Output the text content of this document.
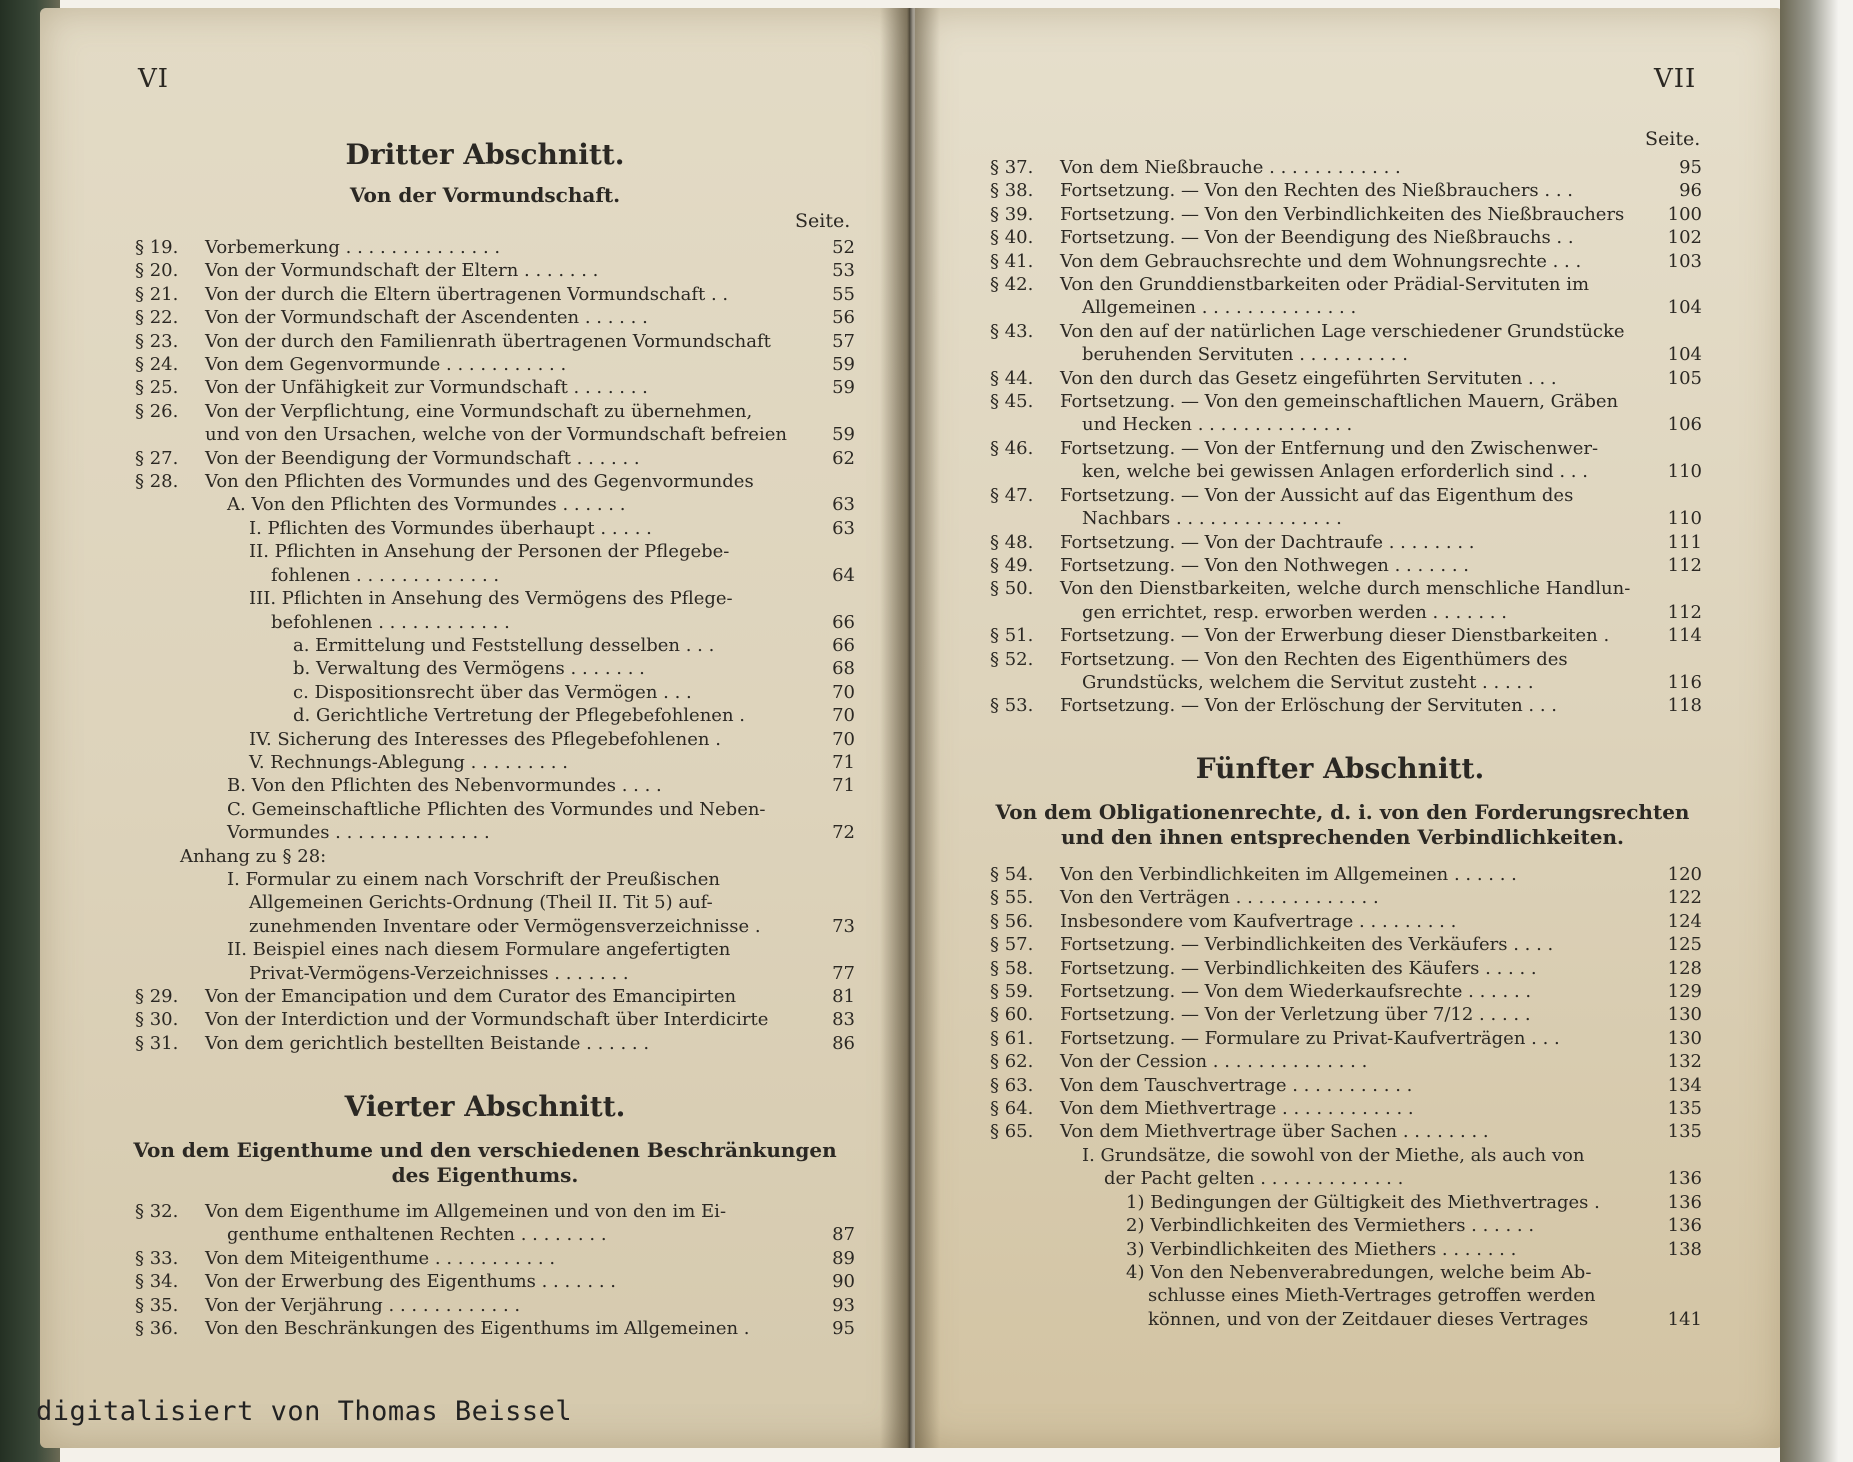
VI
Dritter Abschnitt.
Von der Vormundschaft.
Seite.
§ 19.	Vorbemerkung . . . . . . . . . . . . . .	52
§ 20.	Von der Vormundschaft der Eltern . . . . . . .	53
§ 21.	Von der durch die Eltern übertragenen Vormundschaft . .	55
§ 22.	Von der Vormundschaft der Ascendenten . . . . . .	56
§ 23.	Von der durch den Familienrath übertragenen Vormundschaft	57
§ 24.	Von dem Gegenvormunde . . . . . . . . . . .	59
§ 25.	Von der Unfähigkeit zur Vormundschaft . . . . . . .	59
§ 26.	Von der Verpflichtung, eine Vormundschaft zu übernehmen,
und von den Ursachen, welche von der Vormundschaft befreien	59
§ 27.	Von der Beendigung der Vormundschaft . . . . . .	62
§ 28.	Von den Pflichten des Vormundes und des Gegenvormundes
A. Von den Pflichten des Vormundes . . . . . .	63
I. Pflichten des Vormundes überhaupt . . . . .	63
II. Pflichten in Ansehung der Personen der Pflegebe-
fohlenen . . . . . . . . . . . . .	64
III. Pflichten in Ansehung des Vermögens des Pflege-
befohlenen . . . . . . . . . . . .	66
a. Ermittelung und Feststellung desselben . . .	66
b. Verwaltung des Vermögens . . . . . . .	68
c. Dispositionsrecht über das Vermögen . . .	70
d. Gerichtliche Vertretung der Pflegebefohlenen .	70
IV. Sicherung des Interesses des Pflegebefohlenen .	70
V. Rechnungs-Ablegung . . . . . . . . .	71
B. Von den Pflichten des Nebenvormundes . . . .	71
C. Gemeinschaftliche Pflichten des Vormundes und Neben-
Vormundes . . . . . . . . . . . . . .	72
Anhang zu § 28:
I. Formular zu einem nach Vorschrift der Preußischen
Allgemeinen Gerichts-Ordnung (Theil II. Tit 5) auf-
zunehmenden Inventare oder Vermögensverzeichnisse .	73
II. Beispiel eines nach diesem Formulare angefertigten
Privat-Vermögens-Verzeichnisses . . . . . . .	77
§ 29.	Von der Emancipation und dem Curator des Emancipirten	81
§ 30.	Von der Interdiction und der Vormundschaft über Interdicirte	83
§ 31.	Von dem gerichtlich bestellten Beistande . . . . . .	86
Vierter Abschnitt.
Von dem Eigenthume und den verschiedenen Beschränkungen
des Eigenthums.
§ 32.	Von dem Eigenthume im Allgemeinen und von den im Ei-
genthume enthaltenen Rechten . . . . . . . .	87
§ 33.	Von dem Miteigenthume . . . . . . . . . . .	89
§ 34.	Von der Erwerbung des Eigenthums . . . . . . .	90
§ 35.	Von der Verjährung . . . . . . . . . . . .	93
§ 36.	Von den Beschränkungen des Eigenthums im Allgemeinen .	95
VII
Seite.
§ 37.	Von dem Nießbrauche . . . . . . . . . . . .	95
§ 38.	Fortsetzung. — Von den Rechten des Nießbrauchers . . .	96
§ 39.	Fortsetzung. — Von den Verbindlichkeiten des Nießbrauchers	100
§ 40.	Fortsetzung. — Von der Beendigung des Nießbrauchs . .	102
§ 41.	Von dem Gebrauchsrechte und dem Wohnungsrechte . . .	103
§ 42.	Von den Grunddienstbarkeiten oder Prädial-Servituten im
Allgemeinen . . . . . . . . . . . . . .	104
§ 43.	Von den auf der natürlichen Lage verschiedener Grundstücke
beruhenden Servituten . . . . . . . . . .	104
§ 44.	Von den durch das Gesetz eingeführten Servituten . . .	105
§ 45.	Fortsetzung. — Von den gemeinschaftlichen Mauern, Gräben
und Hecken . . . . . . . . . . . . . .	106
§ 46.	Fortsetzung. — Von der Entfernung und den Zwischenwer-
ken, welche bei gewissen Anlagen erforderlich sind . . .	110
§ 47.	Fortsetzung. — Von der Aussicht auf das Eigenthum des
Nachbars . . . . . . . . . . . . . . .	110
§ 48.	Fortsetzung. — Von der Dachtraufe . . . . . . . .	111
§ 49.	Fortsetzung. — Von den Nothwegen . . . . . . .	112
§ 50.	Von den Dienstbarkeiten, welche durch menschliche Handlun-
gen errichtet, resp. erworben werden . . . . . . .	112
§ 51.	Fortsetzung. — Von der Erwerbung dieser Dienstbarkeiten .	114
§ 52.	Fortsetzung. — Von den Rechten des Eigenthümers des
Grundstücks, welchem die Servitut zusteht . . . . .	116
§ 53.	Fortsetzung. — Von der Erlöschung der Servituten . . .	118
Fünfter Abschnitt.
Von dem Obligationenrechte, d. i. von den Forderungsrechten
und den ihnen entsprechenden Verbindlichkeiten.
§ 54.	Von den Verbindlichkeiten im Allgemeinen . . . . . .	120
§ 55.	Von den Verträgen . . . . . . . . . . . . .	122
§ 56.	Insbesondere vom Kaufvertrage . . . . . . . . .	124
§ 57.	Fortsetzung. — Verbindlichkeiten des Verkäufers . . . .	125
§ 58.	Fortsetzung. — Verbindlichkeiten des Käufers . . . . .	128
§ 59.	Fortsetzung. — Von dem Wiederkaufsrechte . . . . . .	129
§ 60.	Fortsetzung. — Von der Verletzung über 7/12 . . . . .	130
§ 61.	Fortsetzung. — Formulare zu Privat-Kaufverträgen . . .	130
§ 62.	Von der Cession . . . . . . . . . . . . . .	132
§ 63.	Von dem Tauschvertrage . . . . . . . . . . .	134
§ 64.	Von dem Miethvertrage . . . . . . . . . . . .	135
§ 65.	Von dem Miethvertrage über Sachen . . . . . . . .	135
I. Grundsätze, die sowohl von der Miethe, als auch von
der Pacht gelten . . . . . . . . . . . . .	136
1) Bedingungen der Gültigkeit des Miethvertrages .	136
2) Verbindlichkeiten des Vermiethers . . . . . .	136
3) Verbindlichkeiten des Miethers . . . . . . .	138
4) Von den Nebenverabredungen, welche beim Ab-
schlusse eines Mieth-Vertrages getroffen werden
können, und von der Zeitdauer dieses Vertrages	141
digitalisiert von Thomas Beissel
